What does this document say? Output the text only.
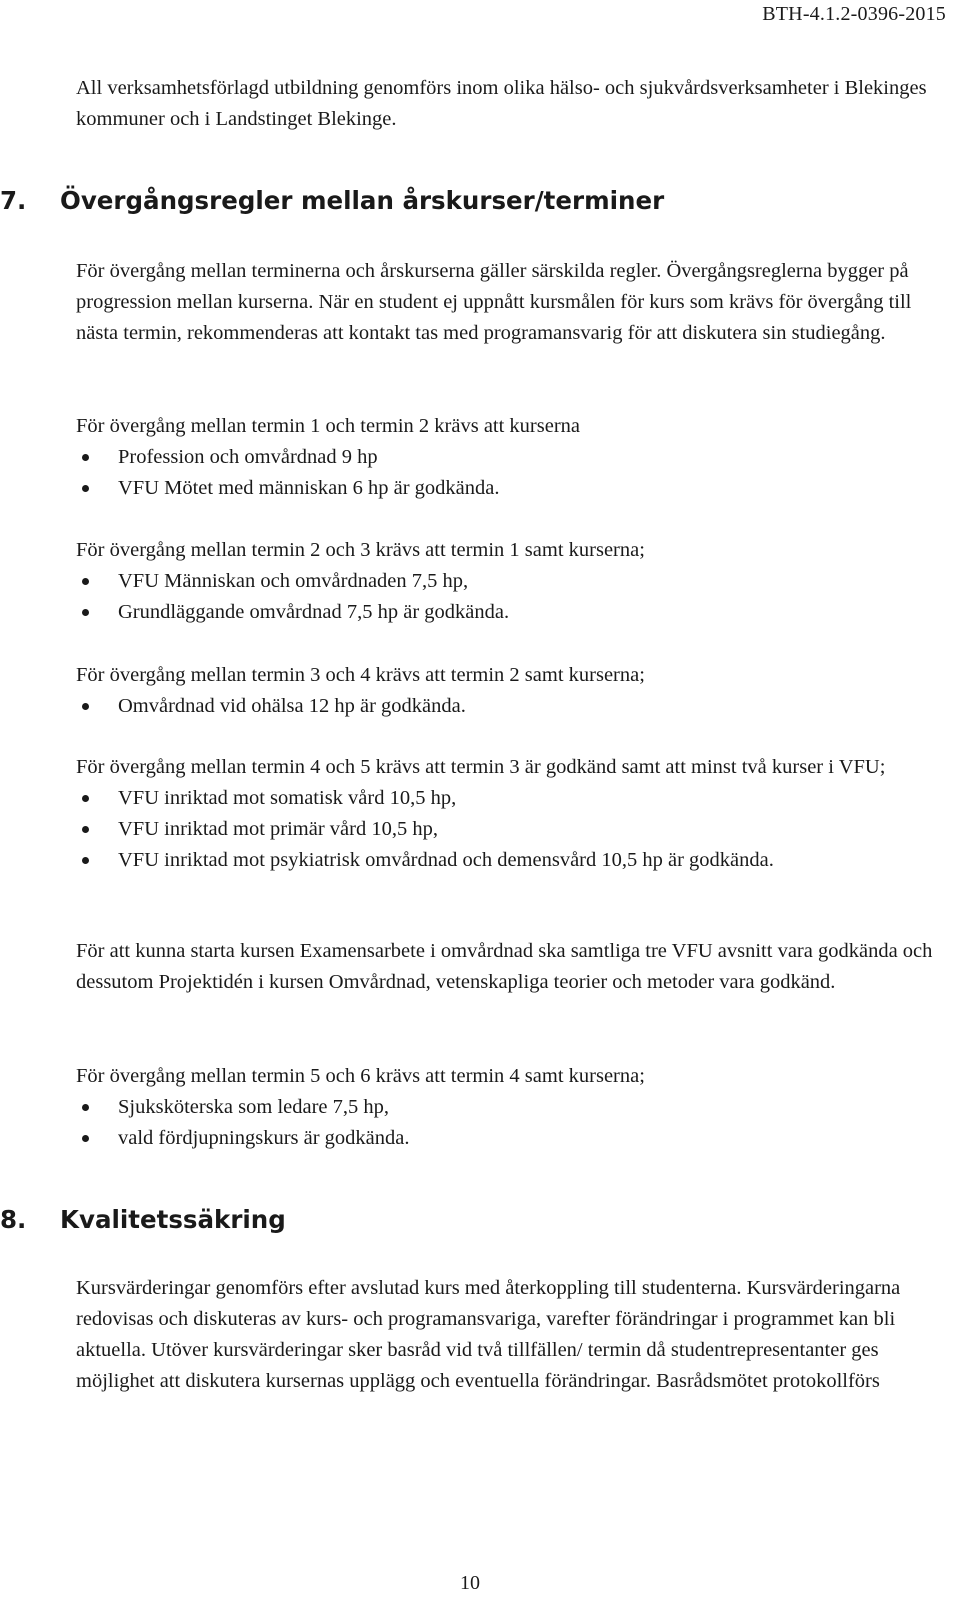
BTH-4.1.2-0396-2015

All verksamhetsförlagd utbildning genomförs inom olika hälso- och sjukvårdsverksamheter i Blekinges kommuner och i Landstinget Blekinge.

7. Övergångsregler mellan årskurser/terminer

För övergång mellan terminerna och årskurserna gäller särskilda regler. Övergångsreglerna bygger på progression mellan kurserna. När en student ej uppnått kursmålen för kurs som krävs för övergång till nästa termin, rekommenderas att kontakt tas med programansvarig för att diskutera sin studiegång.

För övergång mellan termin 1 och termin 2 krävs att kurserna

Profession och omvårdnad 9 hp
VFU Mötet med människan 6 hp är godkända.

För övergång mellan termin 2 och 3 krävs att termin 1 samt kurserna;

VFU Människan och omvårdnaden 7,5 hp,
Grundläggande omvårdnad 7,5 hp är godkända.

För övergång mellan termin 3 och 4 krävs att termin 2 samt kurserna;

Omvårdnad vid ohälsa 12 hp är godkända.

För övergång mellan termin 4 och 5 krävs att termin 3 är godkänd samt att minst två kurser i VFU;

VFU inriktad mot somatisk vård 10,5 hp,
VFU inriktad mot primär vård 10,5 hp,
VFU inriktad mot psykiatrisk omvårdnad och demensvård 10,5 hp är godkända.

För att kunna starta kursen Examensarbete i omvårdnad ska samtliga tre VFU avsnitt vara godkända och dessutom Projektidén i kursen Omvårdnad, vetenskapliga teorier och metoder vara godkänd.

För övergång mellan termin 5 och 6 krävs att termin 4 samt kurserna;

Sjuksköterska som ledare 7,5 hp,
vald fördjupningskurs är godkända.
8. Kvalitetssäkring

Kursvärderingar genomförs efter avslutad kurs med återkoppling till studenterna. Kursvärderingarna redovisas och diskuteras av kurs- och programansvariga, varefter förändringar i programmet kan bli aktuella. Utöver kursvärderingar sker basråd vid två tillfällen/ termin då studentrepresentanter ges möjlighet att diskutera kursernas upplägg och eventuella förändringar. Basrådsmötet protokollförs

10
